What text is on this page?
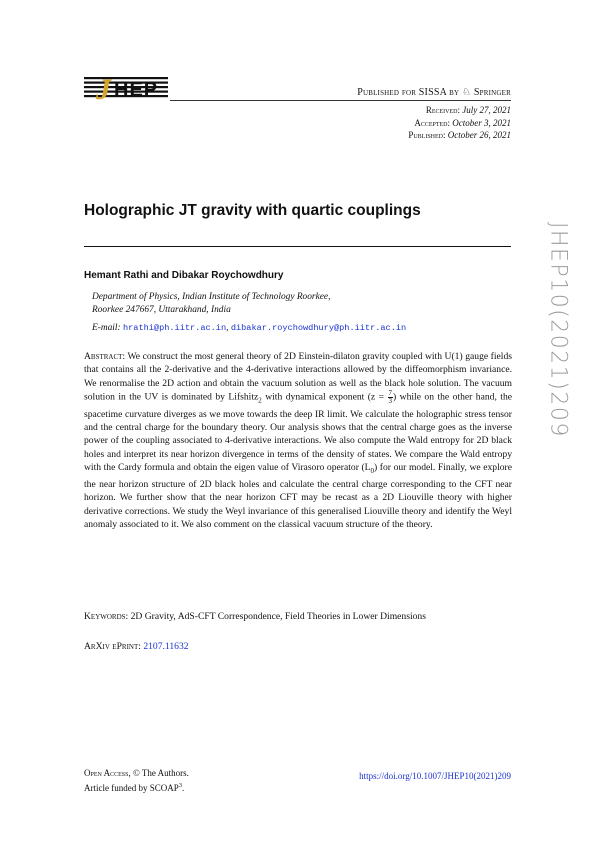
J HEP	Published for SISSA by ♘ Springer
Received: July 27, 2021
Accepted: October 3, 2021
Published: October 26, 2021
Holographic JT gravity with quartic couplings
Hemant Rathi and Dibakar Roychowdhury
Department of Physics, Indian Institute of Technology Roorkee,
Roorkee 247667, Uttarakhand, India
E-mail: hrathi@ph.iitr.ac.in, dibakar.roychowdhury@ph.iitr.ac.in
Abstract: We construct the most general theory of 2D Einstein-dilaton gravity coupled with U(1) gauge fields that contains all the 2-derivative and the 4-derivative interactions allowed by the diffeomorphism invariance. We renormalise the 2D action and obtain the vacuum solution as well as the black hole solution. The vacuum solution in the UV is dominated by Lifshitz$_2$ with dynamical exponent ($z = \frac{7}{3}$ ) while on the other hand, the spacetime curvature diverges as we move towards the deep IR limit. We calculate the holographic stress tensor and the central charge for the boundary theory. Our analysis shows that the central charge goes as the inverse power of the coupling associated to 4-derivative interactions. We also compute the Wald entropy for 2D black holes and interpret its near horizon divergence in terms of the density of states. We compare the Wald entropy with the Cardy formula and obtain the eigen value of Virasoro operator $(L_0)$ for our model. Finally, we explore the near horizon structure of 2D black holes and calculate the central charge corresponding to the CFT near horizon. We further show that the near horizon CFT may be recast as a 2D Liouville theory with higher derivative corrections. We study the Weyl invariance of this generalised Liouville theory and identify the Weyl anomaly associated to it. We also comment on the classical vacuum structure of the theory.
Keywords: 2D Gravity, AdS-CFT Correspondence, Field Theories in Lower Dimensions
ArXiv ePrint: 2107.11632
Open Access, © The Authors.
Article funded by SCOAP$^3$.
https://doi.org/10.1007/JHEP10(2021)209
JHEP10(2021)209
